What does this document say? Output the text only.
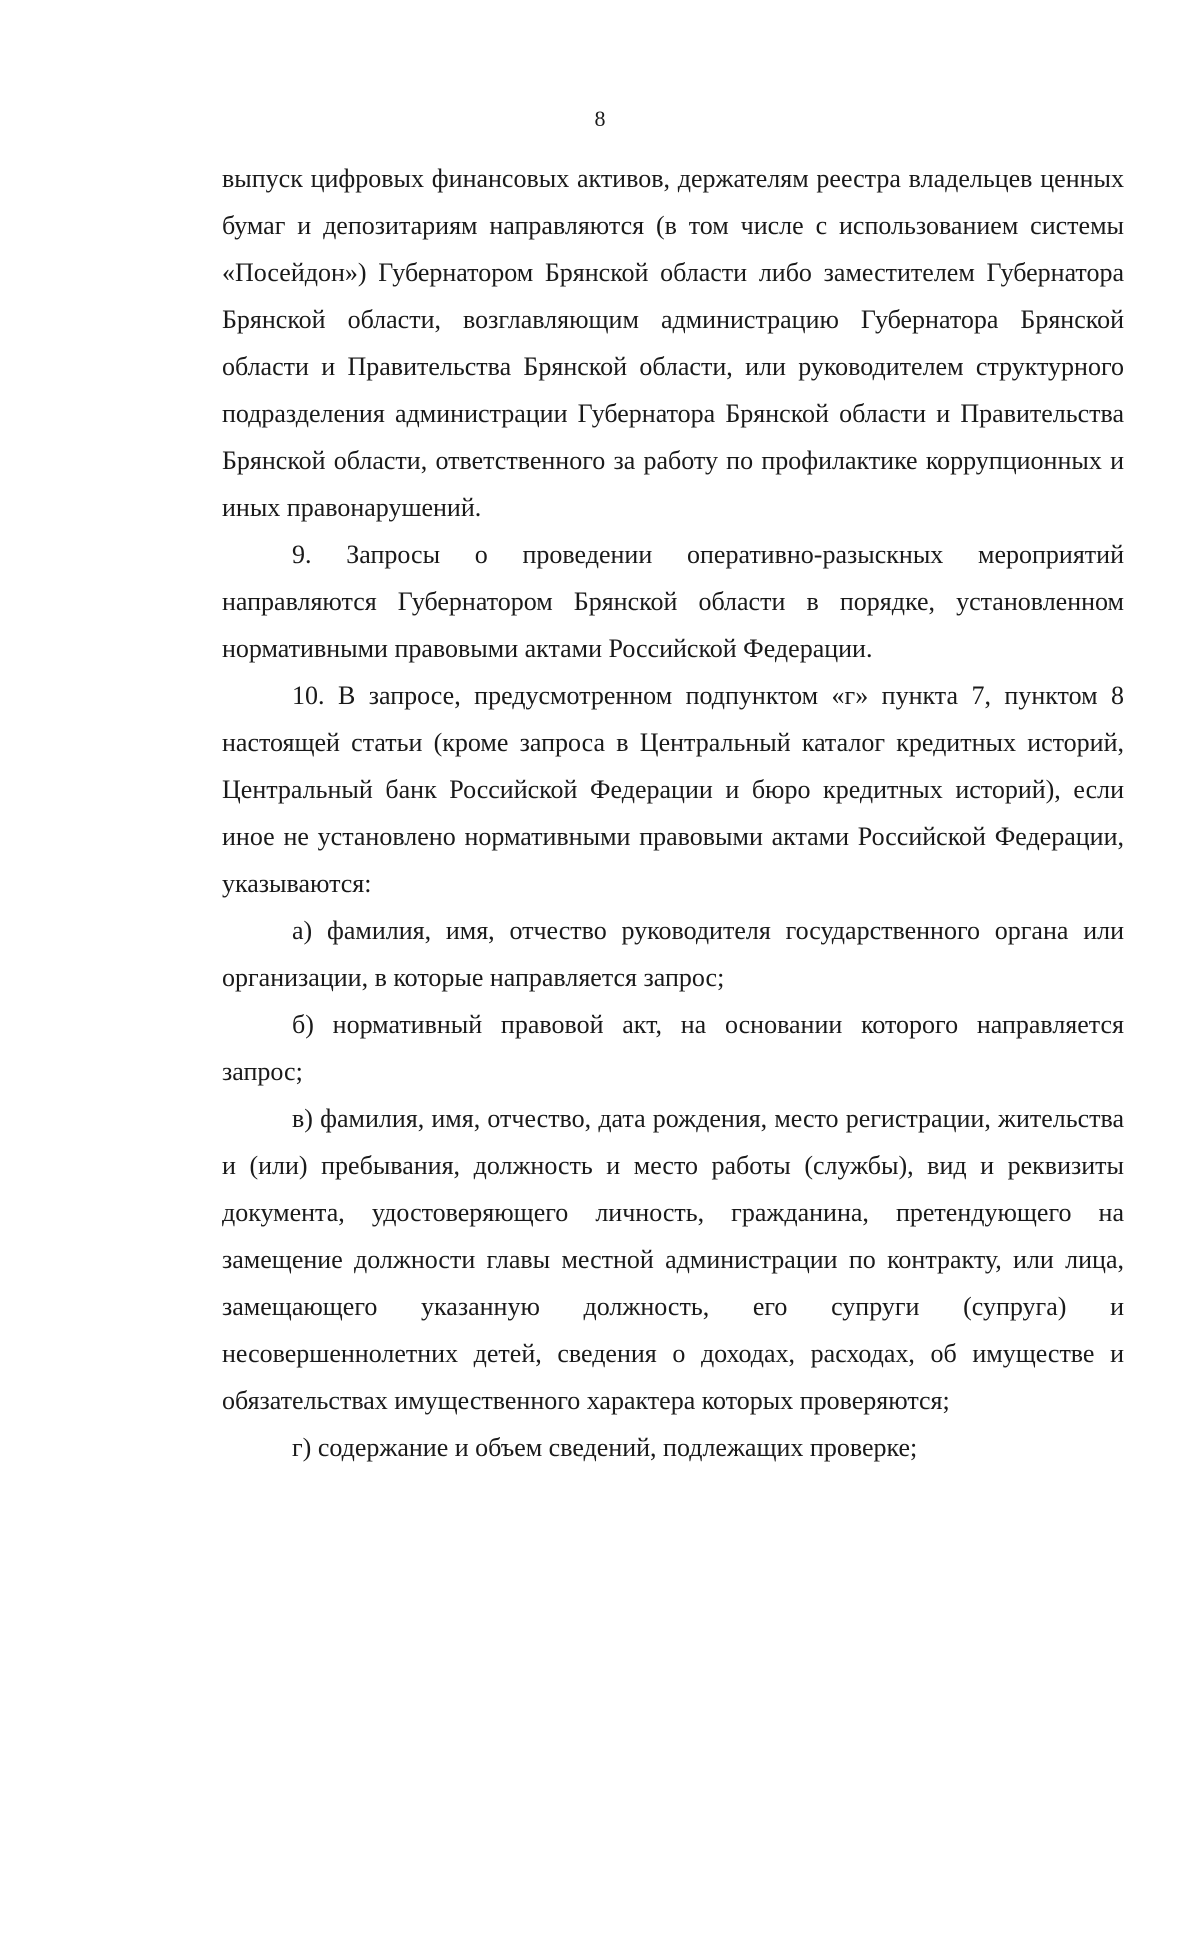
8

выпуск цифровых финансовых активов, держателям реестра владельцев ценных бумаг и депозитариям направляются (в том числе с использованием системы «Посейдон») Губернатором Брянской области либо заместителем Губернатора Брянской области, возглавляющим администрацию Губернатора Брянской области и Правительства Брянской области, или руководителем структурного подразделения администрации Губернатора Брянской области и Правительства Брянской области, ответственного за работу по профилактике коррупционных и иных правонарушений.

9. Запросы о проведении оперативно-разыскных мероприятий направляются Губернатором Брянской области в порядке, установленном нормативными правовыми актами Российской Федерации.

10. В запросе, предусмотренном подпунктом «г» пункта 7, пунктом 8 настоящей статьи (кроме запроса в Центральный каталог кредитных историй, Центральный банк Российской Федерации и бюро кредитных историй), если иное не установлено нормативными правовыми актами Российской Федерации, указываются:

а) фамилия, имя, отчество руководителя государственного органа или организации, в которые направляется запрос;

б) нормативный правовой акт, на основании которого направляется запрос;

в) фамилия, имя, отчество, дата рождения, место регистрации, жительства и (или) пребывания, должность и место работы (службы), вид и реквизиты документа, удостоверяющего личность, гражданина, претендующего на замещение должности главы местной администрации по контракту, или лица, замещающего указанную должность, его супруги (супруга) и несовершеннолетних детей, сведения о доходах, расходах, об имуществе и обязательствах имущественного характера которых проверяются;

г) содержание и объем сведений, подлежащих проверке;
